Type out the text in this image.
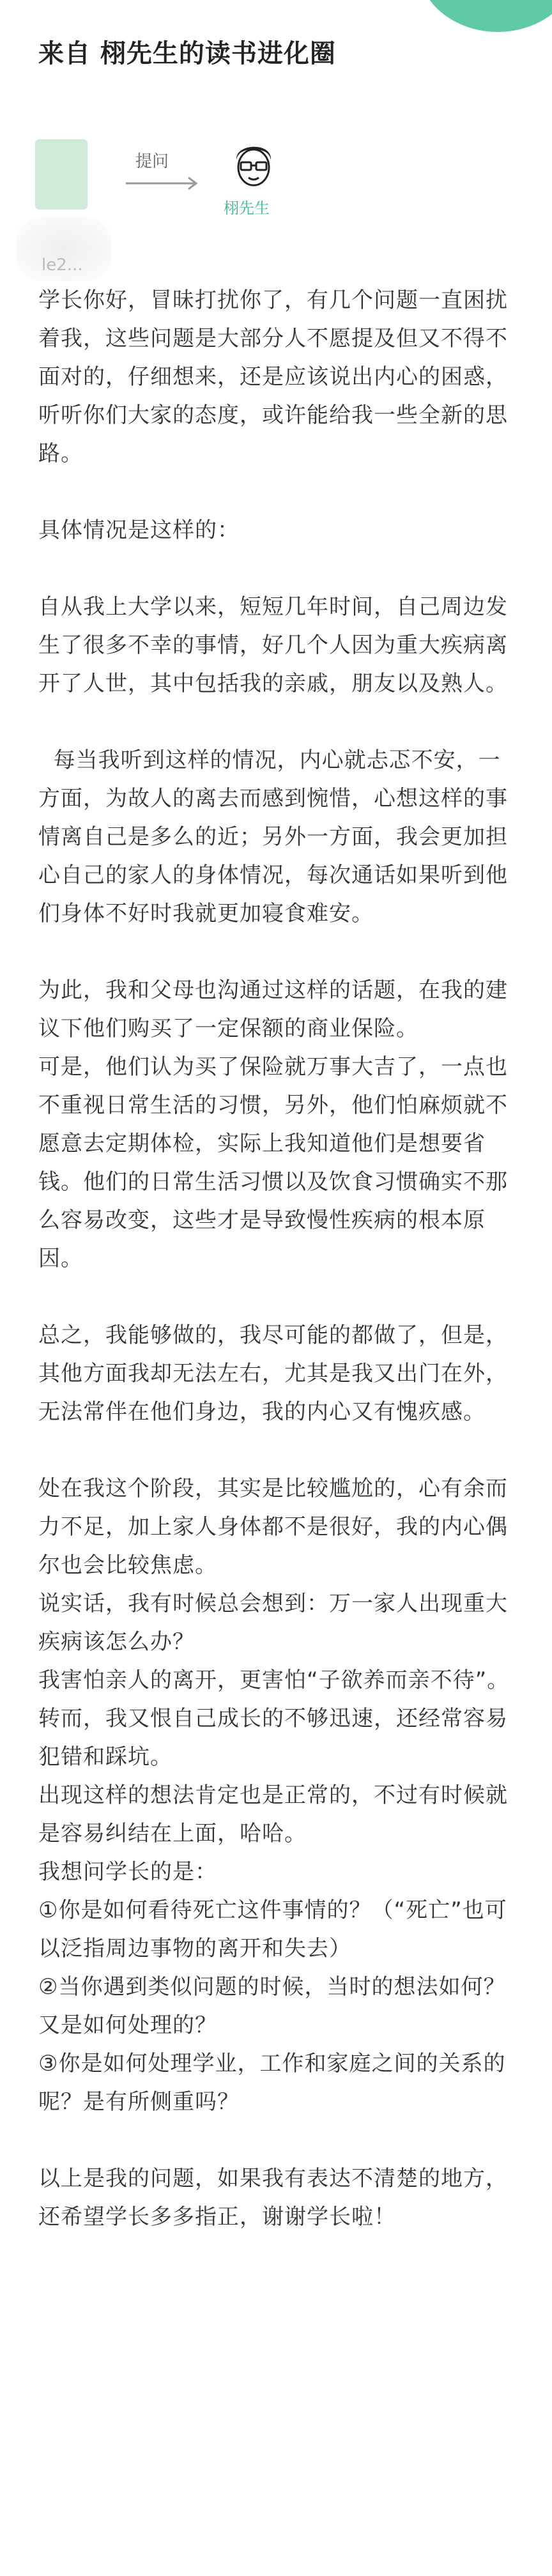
来自 栩先生的读书进化圈
le2...
提问
栩先生

学长你好，冒昧打扰你了，有几个问题一直困扰着我，这些问题是大部分人不愿提及但又不得不面对的，仔细想来，还是应该说出内心的困惑，听听你们大家的态度，或许能给我一些全新的思路。

具体情况是这样的：

自从我上大学以来，短短几年时间，自己周边发生了很多不幸的事情，好几个人因为重大疾病离开了人世，其中包括我的亲戚，朋友以及熟人。

每当我听到这样的情况，内心就忐忑不安，一方面，为故人的离去而感到惋惜，心想这样的事情离自己是多么的近；另外一方面，我会更加担心自己的家人的身体情况，每次通话如果听到他们身体不好时我就更加寝食难安。

为此，我和父母也沟通过这样的话题，在我的建议下他们购买了一定保额的商业保险。

可是，他们认为买了保险就万事大吉了，一点也不重视日常生活的习惯，另外，他们怕麻烦就不愿意去定期体检，实际上我知道他们是想要省钱。他们的日常生活习惯以及饮食习惯确实不那么容易改变，这些才是导致慢性疾病的根本原因。

总之，我能够做的，我尽可能的都做了，但是，其他方面我却无法左右，尤其是我又出门在外，无法常伴在他们身边，我的内心又有愧疚感。

处在我这个阶段，其实是比较尴尬的，心有余而力不足，加上家人身体都不是很好，我的内心偶尔也会比较焦虑。

说实话，我有时候总会想到：万一家人出现重大疾病该怎么办？

我害怕亲人的离开，更害怕“子欲养而亲不待”。

转而，我又恨自己成长的不够迅速，还经常容易犯错和踩坑。

出现这样的想法肯定也是正常的，不过有时候就是容易纠结在上面，哈哈。

我想问学长的是：

①你是如何看待死亡这件事情的？（“死亡”也可以泛指周边事物的离开和失去）

②当你遇到类似问题的时候，当时的想法如何？又是如何处理的？

③你是如何处理学业，工作和家庭之间的关系的呢？是有所侧重吗？

以上是我的问题，如果我有表达不清楚的地方，还希望学长多多指正，谢谢学长啦！
